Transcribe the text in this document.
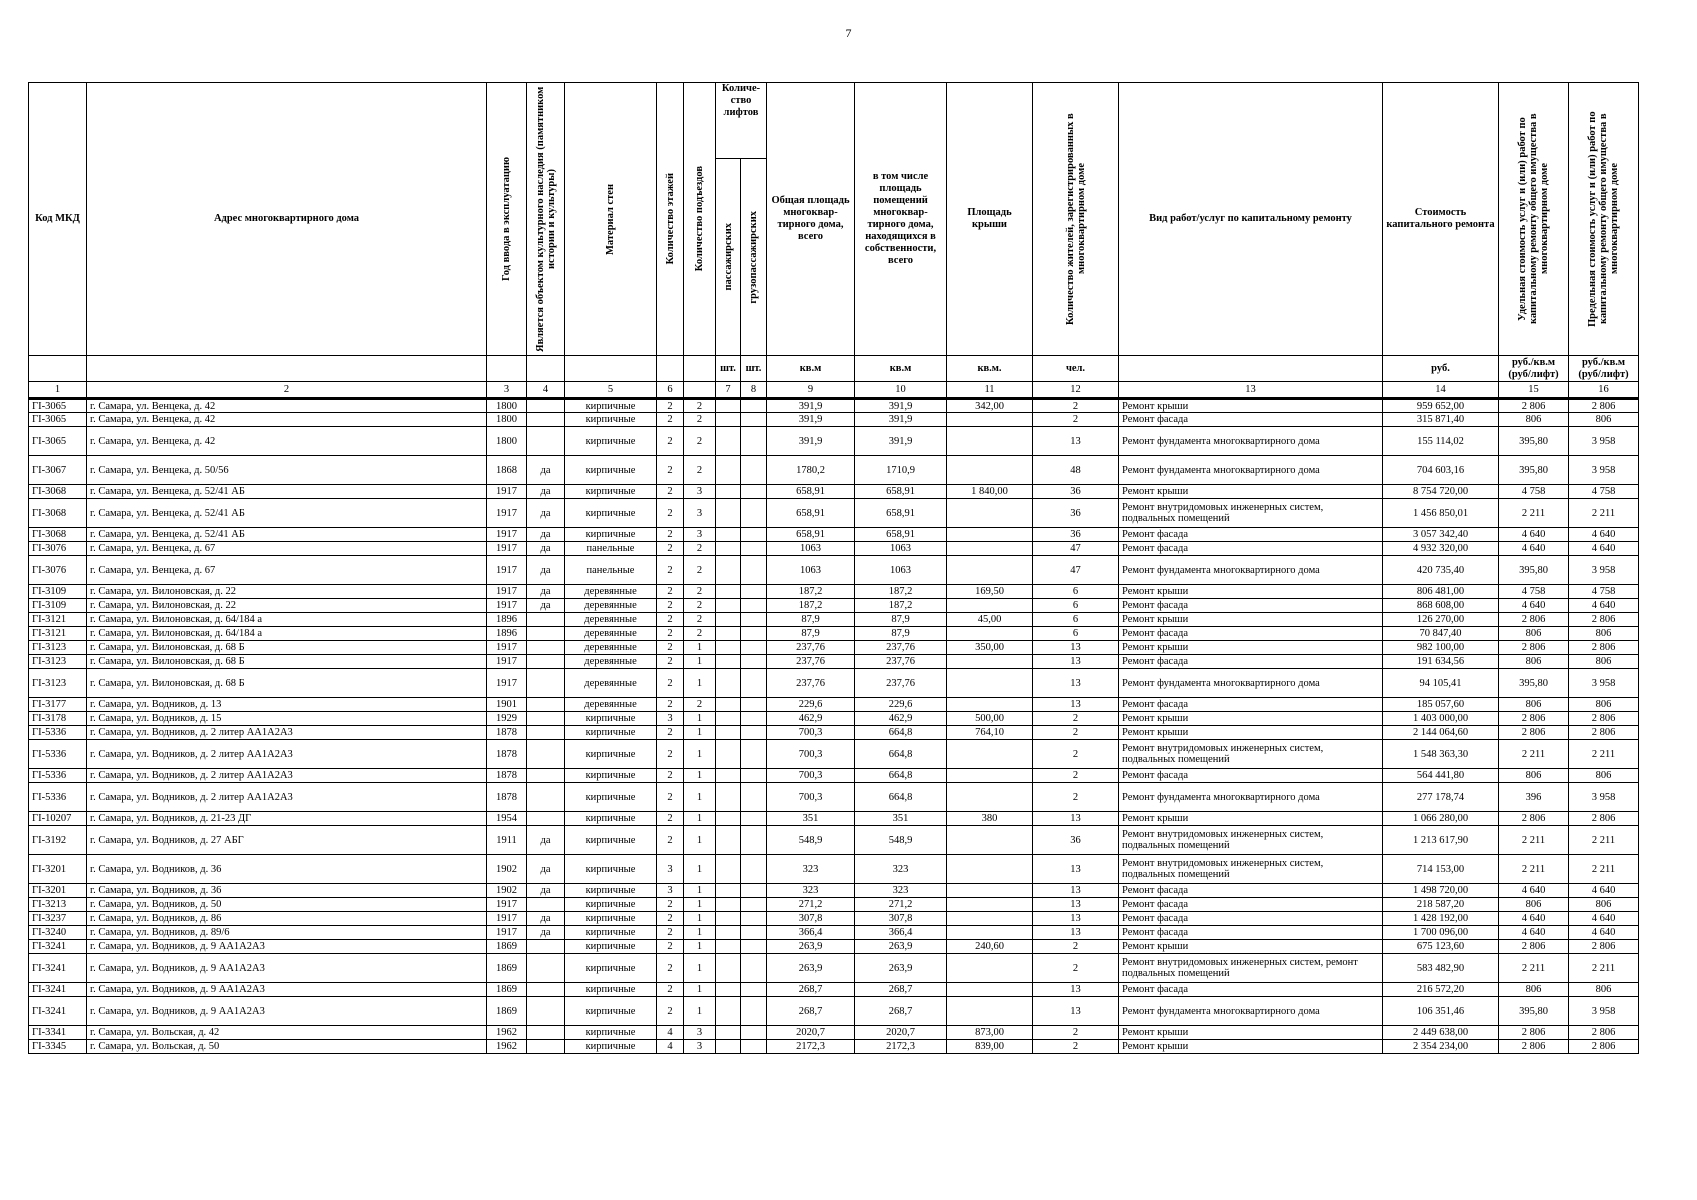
7
Код МКД	Адрес многоквартирного дома	Год ввода в эксплуатацию	Является объектом культурного наследия (памятником истории и культуры)	Материал стен	Количество этажей	Количество подъездов	Количе-ство лифтов		Общая площадь многоквар-тирного дома, всего	в том числе площадь помещений многоквар-тирного дома, находящихся в собственности, всего	Площадь крыши	Количество жителей, зарегистрированных в многоквартирном доме	Вид работ/услуг по капитальному ремонту	Стоимость капитального ремонта	Удельная стоимость услуг и (или) работ по капитальному ремонту общего имущества в многоквартирном доме	Предельная стоимость услуг и (или) работ по капитальному ремонту общего имущества в многоквартирном доме

							пассажирских	грузопассажирских								

							шт.	шт.	кв.м	кв.м	кв.м.	чел.		руб.	руб./кв.м (руб/лифт)	руб./кв.м (руб/лифт)
1	2	3	4	5	6		7	8	9	10	11	12	13	14	15	16
ГI-3065	г. Самара, ул. Венцека, д. 42	1800		кирпичные	2	2			391,9	391,9	342,00	2	Ремонт крыши	959 652,00	2 806	2 806
ГI-3065	г. Самара, ул. Венцека, д. 42	1800		кирпичные	2	2			391,9	391,9		2	Ремонт фасада	315 871,40	806	806
ГI-3065	г. Самара, ул. Венцека, д. 42	1800		кирпичные	2	2			391,9	391,9		13	Ремонт фундамента многоквартирного дома	155 114,02	395,80	3 958
ГI-3067	г. Самара, ул. Венцека, д. 50/56	1868	да	кирпичные	2	2			1780,2	1710,9		48	Ремонт фундамента многоквартирного дома	704 603,16	395,80	3 958
ГI-3068	г. Самара, ул. Венцека, д. 52/41 АБ	1917	да	кирпичные	2	3			658,91	658,91	1 840,00	36	Ремонт крыши	8 754 720,00	4 758	4 758
ГI-3068	г. Самара, ул. Венцека, д. 52/41 АБ	1917	да	кирпичные	2	3			658,91	658,91		36	Ремонт внутридомовых инженерных систем, подвальных помещений	1 456 850,01	2 211	2 211
ГI-3068	г. Самара, ул. Венцека, д. 52/41 АБ	1917	да	кирпичные	2	3			658,91	658,91		36	Ремонт фасада	3 057 342,40	4 640	4 640
ГI-3076	г. Самара, ул. Венцека, д. 67	1917	да	панельные	2	2			1063	1063		47	Ремонт фасада	4 932 320,00	4 640	4 640
ГI-3076	г. Самара, ул. Венцека, д. 67	1917	да	панельные	2	2			1063	1063		47	Ремонт фундамента многоквартирного дома	420 735,40	395,80	3 958
ГI-3109	г. Самара, ул. Вилоновская, д. 22	1917	да	деревянные	2	2			187,2	187,2	169,50	6	Ремонт крыши	806 481,00	4 758	4 758
ГI-3109	г. Самара, ул. Вилоновская, д. 22	1917	да	деревянные	2	2			187,2	187,2		6	Ремонт фасада	868 608,00	4 640	4 640
ГI-3121	г. Самара, ул. Вилоновская, д. 64/184 а	1896		деревянные	2	2			87,9	87,9	45,00	6	Ремонт крыши	126 270,00	2 806	2 806
ГI-3121	г. Самара, ул. Вилоновская, д. 64/184 а	1896		деревянные	2	2			87,9	87,9		6	Ремонт фасада	70 847,40	806	806
ГI-3123	г. Самара, ул. Вилоновская, д. 68 Б	1917		деревянные	2	1			237,76	237,76	350,00	13	Ремонт крыши	982 100,00	2 806	2 806
ГI-3123	г. Самара, ул. Вилоновская, д. 68 Б	1917		деревянные	2	1			237,76	237,76		13	Ремонт фасада	191 634,56	806	806
ГI-3123	г. Самара, ул. Вилоновская, д. 68 Б	1917		деревянные	2	1			237,76	237,76		13	Ремонт фундамента многоквартирного дома	94 105,41	395,80	3 958
ГI-3177	г. Самара, ул. Водников, д. 13	1901		деревянные	2	2			229,6	229,6		13	Ремонт фасада	185 057,60	806	806
ГI-3178	г. Самара, ул. Водников, д. 15	1929		кирпичные	3	1			462,9	462,9	500,00	2	Ремонт крыши	1 403 000,00	2 806	2 806
ГI-5336	г. Самара, ул. Водников, д. 2 литер АА1А2А3	1878		кирпичные	2	1			700,3	664,8	764,10	2	Ремонт крыши	2 144 064,60	2 806	2 806
ГI-5336	г. Самара, ул. Водников, д. 2 литер АА1А2А3	1878		кирпичные	2	1			700,3	664,8		2	Ремонт внутридомовых инженерных систем, подвальных помещений	1 548 363,30	2 211	2 211
ГI-5336	г. Самара, ул. Водников, д. 2 литер АА1А2А3	1878		кирпичные	2	1			700,3	664,8		2	Ремонт фасада	564 441,80	806	806
ГI-5336	г. Самара, ул. Водников, д. 2 литер АА1А2А3	1878		кирпичные	2	1			700,3	664,8		2	Ремонт фундамента многоквартирного дома	277 178,74	396	3 958
ГI-10207	г. Самара, ул. Водников, д. 21-23 ДГ	1954		кирпичные	2	1			351	351	380	13	Ремонт крыши	1 066 280,00	2 806	2 806
ГI-3192	г. Самара, ул. Водников, д. 27 АБГ	1911	да	кирпичные	2	1			548,9	548,9		36	Ремонт внутридомовых инженерных систем, подвальных помещений	1 213 617,90	2 211	2 211
ГI-3201	г. Самара, ул. Водников, д. 36	1902	да	кирпичные	3	1			323	323		13	Ремонт внутридомовых инженерных систем, подвальных помещений	714 153,00	2 211	2 211
ГI-3201	г. Самара, ул. Водников, д. 36	1902	да	кирпичные	3	1			323	323		13	Ремонт фасада	1 498 720,00	4 640	4 640
ГI-3213	г. Самара, ул. Водников, д. 50	1917		кирпичные	2	1			271,2	271,2		13	Ремонт фасада	218 587,20	806	806
ГI-3237	г. Самара, ул. Водников, д. 86	1917	да	кирпичные	2	1			307,8	307,8		13	Ремонт фасада	1 428 192,00	4 640	4 640
ГI-3240	г. Самара, ул. Водников, д. 89/6	1917	да	кирпичные	2	1			366,4	366,4		13	Ремонт фасада	1 700 096,00	4 640	4 640
ГI-3241	г. Самара, ул. Водников, д. 9 АА1А2А3	1869		кирпичные	2	1			263,9	263,9	240,60	2	Ремонт крыши	675 123,60	2 806	2 806
ГI-3241	г. Самара, ул. Водников, д. 9 АА1А2А3	1869		кирпичные	2	1			263,9	263,9		2	Ремонт внутридомовых инженерных систем, ремонт подвальных помещений	583 482,90	2 211	2 211
ГI-3241	г. Самара, ул. Водников, д. 9 АА1А2А3	1869		кирпичные	2	1			268,7	268,7		13	Ремонт фасада	216 572,20	806	806
ГI-3241	г. Самара, ул. Водников, д. 9 АА1А2А3	1869		кирпичные	2	1			268,7	268,7		13	Ремонт фундамента многоквартирного дома	106 351,46	395,80	3 958
ГI-3341	г. Самара, ул. Вольская, д. 42	1962		кирпичные	4	3			2020,7	2020,7	873,00	2	Ремонт крыши	2 449 638,00	2 806	2 806
ГI-3345	г. Самара, ул. Вольская, д. 50	1962		кирпичные	4	3			2172,3	2172,3	839,00	2	Ремонт крыши	2 354 234,00	2 806	2 806
